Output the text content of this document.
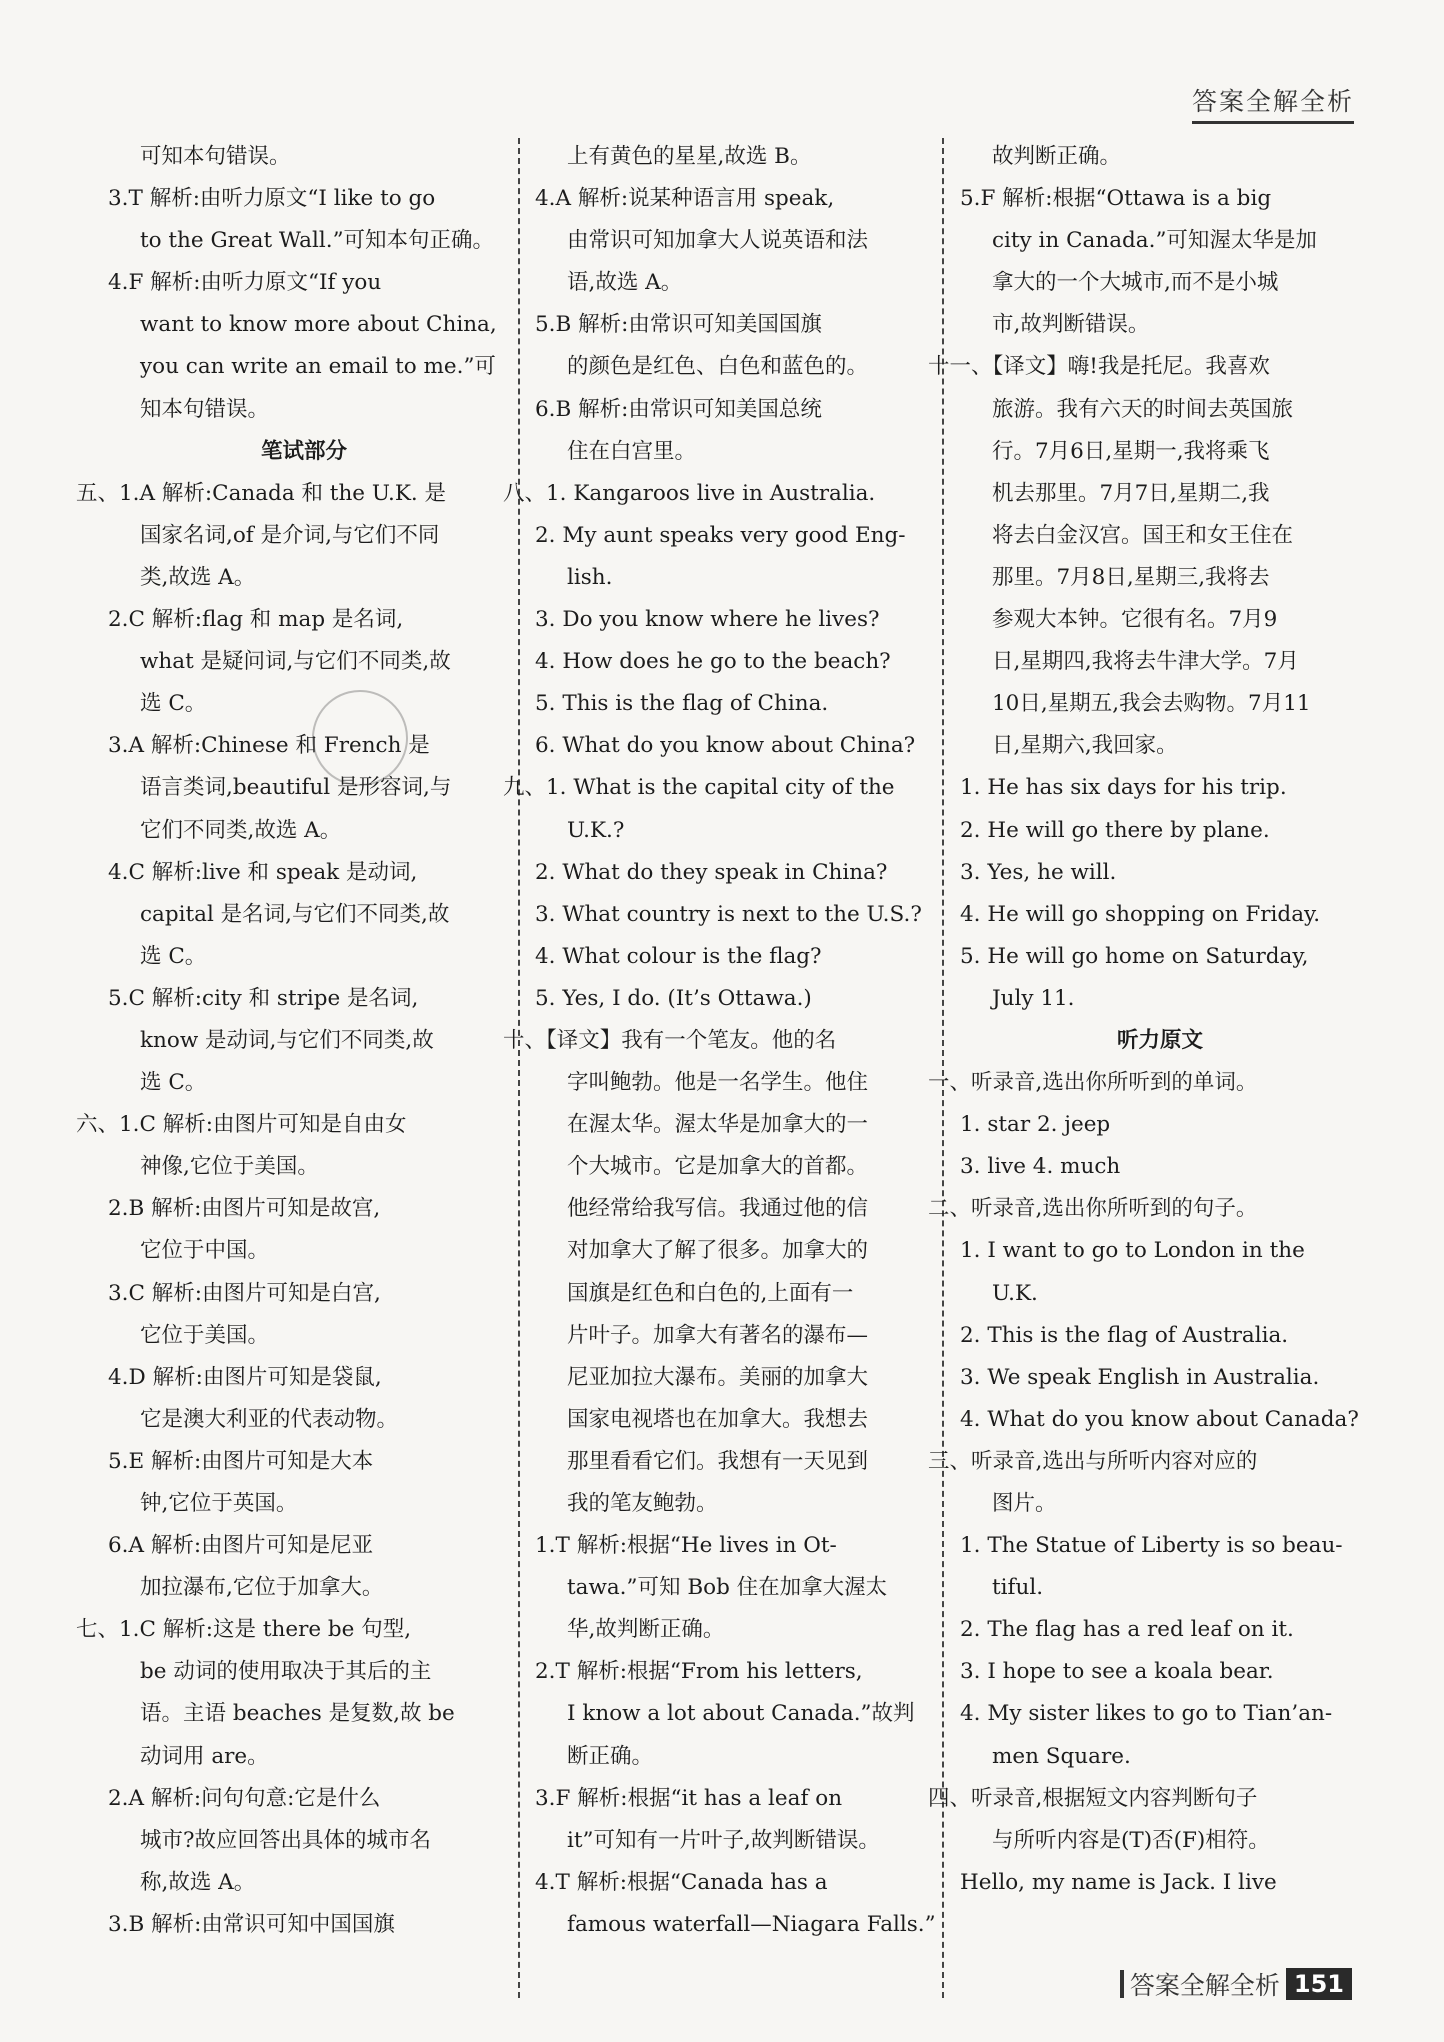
答案全解全析
可知本句错误。
3.T 解析:由听力原文“I like to go
to the Great Wall.”可知本句正确。
4.F 解析:由听力原文“If you
want to know more about China,
you can write an email to me.”可
知本句错误。
笔试部分
五、1.A 解析:Canada 和 the U.K. 是
国家名词,of 是介词,与它们不同
类,故选 A。
2.C 解析:flag 和 map 是名词,
what 是疑问词,与它们不同类,故
选 C。
3.A 解析:Chinese 和 French 是
语言类词,beautiful 是形容词,与
它们不同类,故选 A。
4.C 解析:live 和 speak 是动词,
capital 是名词,与它们不同类,故
选 C。
5.C 解析:city 和 stripe 是名词,
know 是动词,与它们不同类,故
选 C。
六、1.C 解析:由图片可知是自由女
神像,它位于美国。
2.B 解析:由图片可知是故宫,
它位于中国。
3.C 解析:由图片可知是白宫,
它位于美国。
4.D 解析:由图片可知是袋鼠,
它是澳大利亚的代表动物。
5.E 解析:由图片可知是大本
钟,它位于英国。
6.A 解析:由图片可知是尼亚
加拉瀑布,它位于加拿大。
七、1.C 解析:这是 there be 句型,
be 动词的使用取决于其后的主
语。主语 beaches 是复数,故 be
动词用 are。
2.A 解析:问句句意:它是什么
城市?故应回答出具体的城市名
称,故选 A。
3.B 解析:由常识可知中国国旗
上有黄色的星星,故选 B。
4.A 解析:说某种语言用 speak,
由常识可知加拿大人说英语和法
语,故选 A。
5.B 解析:由常识可知美国国旗
的颜色是红色、白色和蓝色的。
6.B 解析:由常识可知美国总统
住在白宫里。
八、1. Kangaroos live in Australia.
2. My aunt speaks very good Eng-
lish.
3. Do you know where he lives?
4. How does he go to the beach?
5. This is the flag of China.
6. What do you know about China?
九、1. What is the capital city of the
U.K.?
2. What do they speak in China?
3. What country is next to the U.S.?
4. What colour is the flag?
5. Yes, I do. (It’s Ottawa.)
十、【译文】我有一个笔友。他的名
字叫鲍勃。他是一名学生。他住
在渥太华。渥太华是加拿大的一
个大城市。它是加拿大的首都。
他经常给我写信。我通过他的信
对加拿大了解了很多。加拿大的
国旗是红色和白色的,上面有一
片叶子。加拿大有著名的瀑布—
尼亚加拉大瀑布。美丽的加拿大
国家电视塔也在加拿大。我想去
那里看看它们。我想有一天见到
我的笔友鲍勃。
1.T 解析:根据“He lives in Ot-
tawa.”可知 Bob 住在加拿大渥太
华,故判断正确。
2.T 解析:根据“From his letters,
I know a lot about Canada.”故判
断正确。
3.F 解析:根据“it has a leaf on
it”可知有一片叶子,故判断错误。
4.T 解析:根据“Canada has a
famous waterfall—Niagara Falls.”
故判断正确。
5.F 解析:根据“Ottawa is a big
city in Canada.”可知渥太华是加
拿大的一个大城市,而不是小城
市,故判断错误。
十一、【译文】嗨!我是托尼。我喜欢
旅游。我有六天的时间去英国旅
行。7月6日,星期一,我将乘飞
机去那里。7月7日,星期二,我
将去白金汉宫。国王和女王住在
那里。7月8日,星期三,我将去
参观大本钟。它很有名。7月9
日,星期四,我将去牛津大学。7月
10日,星期五,我会去购物。7月11
日,星期六,我回家。
1. He has six days for his trip.
2. He will go there by plane.
3. Yes, he will.
4. He will go shopping on Friday.
5. He will go home on Saturday,
July 11.
听力原文
一、听录音,选出你所听到的单词。
1. star 2. jeep
3. live 4. much
二、听录音,选出你所听到的句子。
1. I want to go to London in the
U.K.
2. This is the flag of Australia.
3. We speak English in Australia.
4. What do you know about Canada?
三、听录音,选出与所听内容对应的
图片。
1. The Statue of Liberty is so beau-
tiful.
2. The flag has a red leaf on it.
3. I hope to see a koala bear.
4. My sister likes to go to Tian’an-
men Square.
四、听录音,根据短文内容判断句子
与所听内容是(T)否(F)相符。
Hello, my name is Jack. I live
答案全解全析 151
